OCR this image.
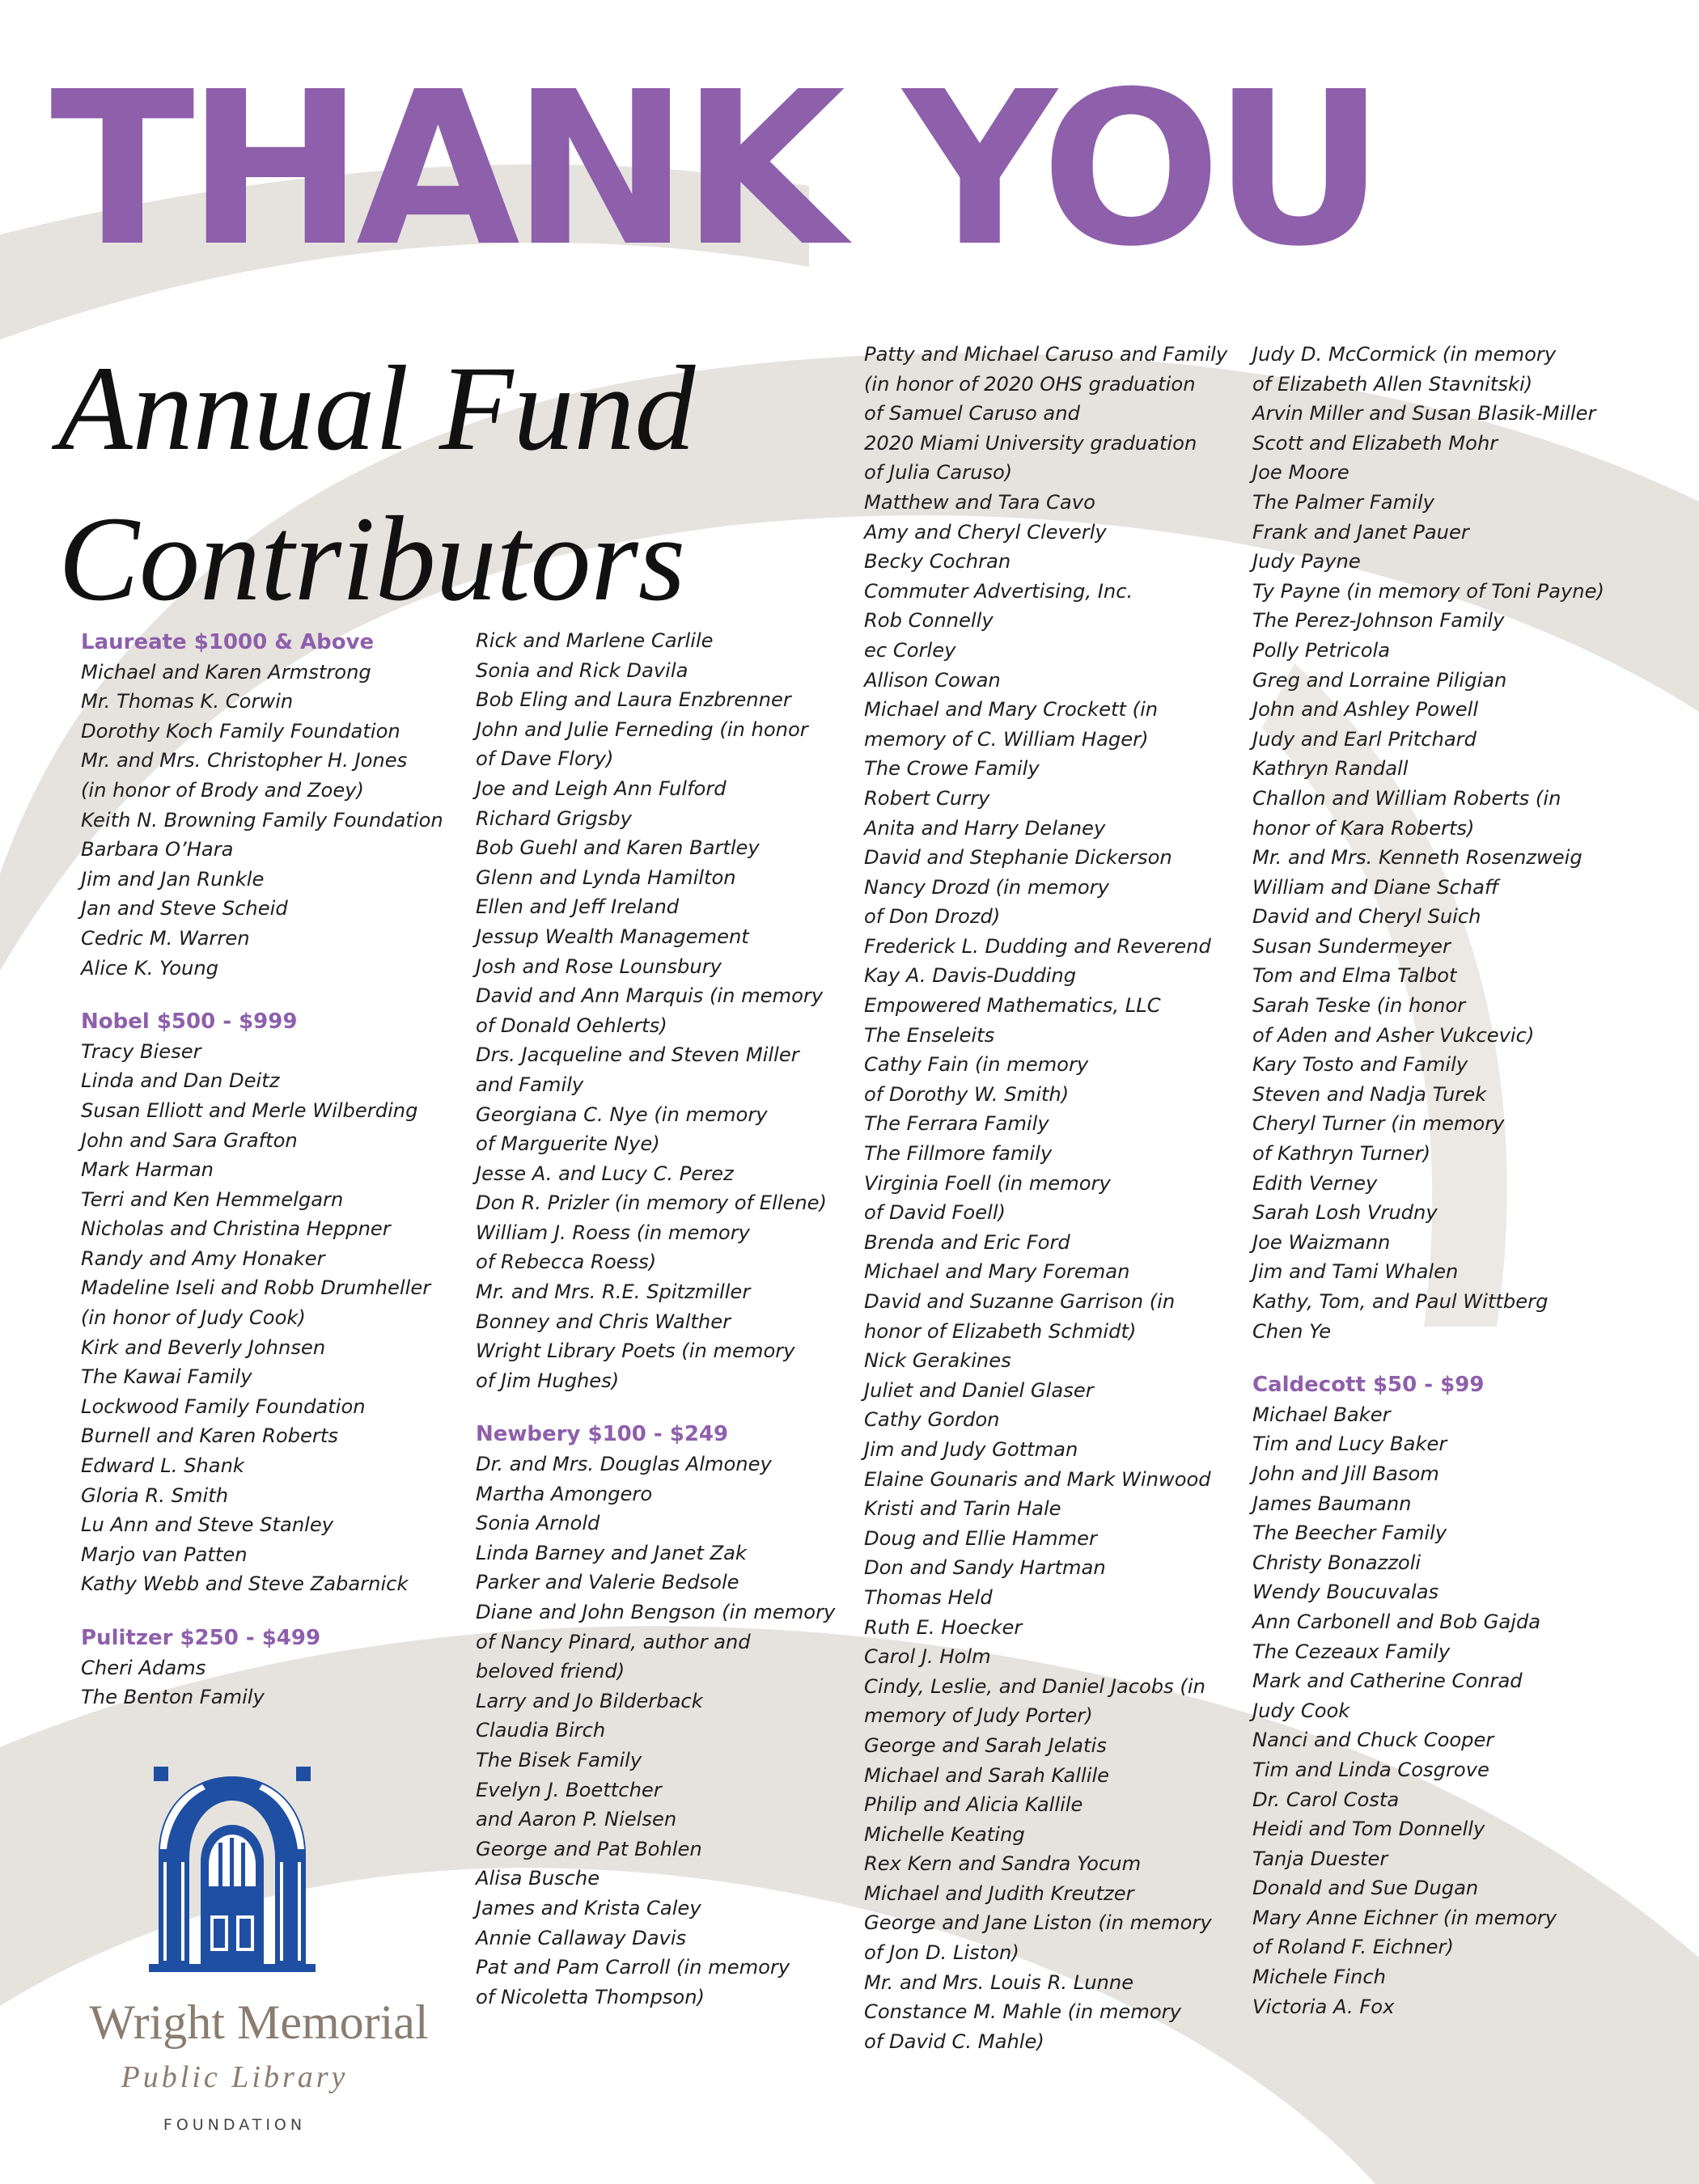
THANK YOU
Annual Fund
Contributors
Laureate $1000 & Above
Michael and Karen Armstrong
Mr. Thomas K. Corwin
Dorothy Koch Family Foundation
Mr. and Mrs. Christopher H. Jones
(in honor of Brody and Zoey)
Keith N. Browning Family Foundation
Barbara O’Hara
Jim and Jan Runkle
Jan and Steve Scheid
Cedric M. Warren
Alice K. Young
Nobel $500 - $999
Tracy Bieser
Linda and Dan Deitz
Susan Elliott and Merle Wilberding
John and Sara Grafton
Mark Harman
Terri and Ken Hemmelgarn
Nicholas and Christina Heppner
Randy and Amy Honaker
Madeline Iseli and Robb Drumheller
(in honor of Judy Cook)
Kirk and Beverly Johnsen
The Kawai Family
Lockwood Family Foundation
Burnell and Karen Roberts
Edward L. Shank
Gloria R. Smith
Lu Ann and Steve Stanley
Marjo van Patten
Kathy Webb and Steve Zabarnick
Pulitzer $250 - $499
Cheri Adams
The Benton Family
Rick and Marlene Carlile
Sonia and Rick Davila
Bob Eling and Laura Enzbrenner
John and Julie Ferneding (in honor
of Dave Flory)
Joe and Leigh Ann Fulford
Richard Grigsby
Bob Guehl and Karen Bartley
Glenn and Lynda Hamilton
Ellen and Jeff Ireland
Jessup Wealth Management
Josh and Rose Lounsbury
David and Ann Marquis (in memory
of Donald Oehlerts)
Drs. Jacqueline and Steven Miller
and Family
Georgiana C. Nye (in memory
of Marguerite Nye)
Jesse A. and Lucy C. Perez
Don R. Prizler (in memory of Ellene)
William J. Roess (in memory
of Rebecca Roess)
Mr. and Mrs. R.E. Spitzmiller
Bonney and Chris Walther
Wright Library Poets (in memory
of Jim Hughes)
Newbery $100 - $249
Dr. and Mrs. Douglas Almoney
Martha Amongero
Sonia Arnold
Linda Barney and Janet Zak
Parker and Valerie Bedsole
Diane and John Bengson (in memory
of Nancy Pinard, author and
beloved friend)
Larry and Jo Bilderback
Claudia Birch
The Bisek Family
Evelyn J. Boettcher
and Aaron P. Nielsen
George and Pat Bohlen
Alisa Busche
James and Krista Caley
Annie Callaway Davis
Pat and Pam Carroll (in memory
of Nicoletta Thompson)
Patty and Michael Caruso and Family
(in honor of 2020 OHS graduation
of Samuel Caruso and
2020 Miami University graduation
of Julia Caruso)
Matthew and Tara Cavo
Amy and Cheryl Cleverly
Becky Cochran
Commuter Advertising, Inc.
Rob Connelly
ec Corley
Allison Cowan
Michael and Mary Crockett (in
memory of C. William Hager)
The Crowe Family
Robert Curry
Anita and Harry Delaney
David and Stephanie Dickerson
Nancy Drozd (in memory
of Don Drozd)
Frederick L. Dudding and Reverend
Kay A. Davis-Dudding
Empowered Mathematics, LLC
The Enseleits
Cathy Fain (in memory
of Dorothy W. Smith)
The Ferrara Family
The Fillmore family
Virginia Foell (in memory
of David Foell)
Brenda and Eric Ford
Michael and Mary Foreman
David and Suzanne Garrison (in
honor of Elizabeth Schmidt)
Nick Gerakines
Juliet and Daniel Glaser
Cathy Gordon
Jim and Judy Gottman
Elaine Gounaris and Mark Winwood
Kristi and Tarin Hale
Doug and Ellie Hammer
Don and Sandy Hartman
Thomas Held
Ruth E. Hoecker
Carol J. Holm
Cindy, Leslie, and Daniel Jacobs (in
memory of Judy Porter)
George and Sarah Jelatis
Michael and Sarah Kallile
Philip and Alicia Kallile
Michelle Keating
Rex Kern and Sandra Yocum
Michael and Judith Kreutzer
George and Jane Liston (in memory
of Jon D. Liston)
Mr. and Mrs. Louis R. Lunne
Constance M. Mahle (in memory
of David C. Mahle)
Judy D. McCormick (in memory
of Elizabeth Allen Stavnitski)
Arvin Miller and Susan Blasik-Miller
Scott and Elizabeth Mohr
Joe Moore
The Palmer Family
Frank and Janet Pauer
Judy Payne
Ty Payne (in memory of Toni Payne)
The Perez-Johnson Family
Polly Petricola
Greg and Lorraine Piligian
John and Ashley Powell
Judy and Earl Pritchard
Kathryn Randall
Challon and William Roberts (in
honor of Kara Roberts)
Mr. and Mrs. Kenneth Rosenzweig
William and Diane Schaff
David and Cheryl Suich
Susan Sundermeyer
Tom and Elma Talbot
Sarah Teske (in honor
of Aden and Asher Vukcevic)
Kary Tosto and Family
Steven and Nadja Turek
Cheryl Turner (in memory
of Kathryn Turner)
Edith Verney
Sarah Losh Vrudny
Joe Waizmann
Jim and Tami Whalen
Kathy, Tom, and Paul Wittberg
Chen Ye
Caldecott $50 - $99
Michael Baker
Tim and Lucy Baker
John and Jill Basom
James Baumann
The Beecher Family
Christy Bonazzoli
Wendy Boucuvalas
Ann Carbonell and Bob Gajda
The Cezeaux Family
Mark and Catherine Conrad
Judy Cook
Nanci and Chuck Cooper
Tim and Linda Cosgrove
Dr. Carol Costa
Heidi and Tom Donnelly
Tanja Duester
Donald and Sue Dugan
Mary Anne Eichner (in memory
of Roland F. Eichner)
Michele Finch
Victoria A. Fox
Wright Memorial
Public Library
FOUNDATION
